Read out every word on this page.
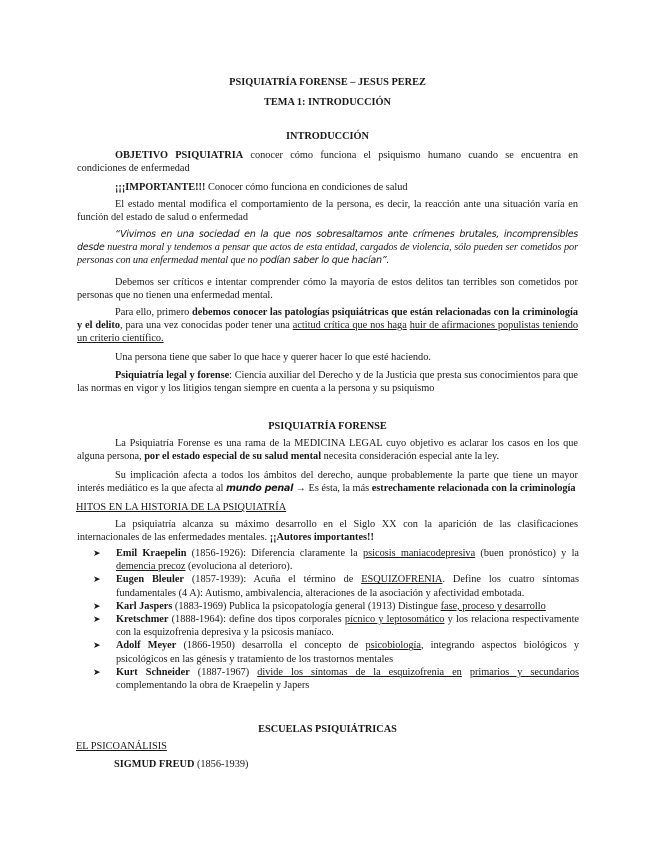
PSIQUIATRÍA FORENSE – JESUS PEREZ
TEMA 1: INTRODUCCIÓN
INTRODUCCIÓN
OBJETIVO PSIQUIATRIA conocer cómo funciona el psiquismo humano cuando se encuentra en condiciones de enfermedad
¡¡¡IMPORTANTE!!! Conocer cómo funciona en condiciones de salud
El estado mental modifica el comportamiento de la persona, es decir, la reacción ante una situación varía en función del estado de salud o enfermedad
“Vivimos en una sociedad en la que nos sobresaltamos ante crímenes brutales, incomprensibles desde nuestra moral y tendemos a pensar que actos de esta entidad, cargados de violencia, sólo pueden ser cometidos por personas con una enfermedad mental que no podían saber lo que hacían”.
Debemos ser críticos e intentar comprender cómo la mayoría de estos delitos tan terribles son cometidos por personas que no tienen una enfermedad mental.
Para ello, primero debemos conocer las patologías psiquiátricas que están relacionadas con la criminología y el delito, para una vez conocidas poder tener una actitud crítica que nos haga huir de afirmaciones populistas teniendo un criterio científico.
Una persona tiene que saber lo que hace y querer hacer lo que esté haciendo.
Psiquiatría legal y forense: Ciencia auxiliar del Derecho y de la Justicia que presta sus conocimientos para que las normas en vigor y los litigios tengan siempre en cuenta a la persona y su psiquismo
PSIQUIATRÍA FORENSE
La Psiquiatría Forense es una rama de la MEDICINA LEGAL cuyo objetivo es aclarar los casos en los que alguna persona, por el estado especial de su salud mental necesita consideración especial ante la ley.
Su implicación afecta a todos los ámbitos del derecho, aunque probablemente la parte que tiene un mayor interés mediático es la que afecta al mundo penal → Es ésta, la más estrechamente relacionada con la criminología
HITOS EN LA HISTORIA DE LA PSIQUIATRÍA
La psiquiatría alcanza su máximo desarrollo en el Siglo XX con la aparición de las clasificaciones internacionales de las enfermedades mentales. ¡¡Autores importantes!!
➤ Emil Kraepelin (1856-1926): Diferencia claramente la psicosis maniacodepresiva (buen pronóstico) y la demencia precoz (evoluciona al deterioro).
➤ Eugen Bleuler (1857-1939): Acuña el término de ESQUIZOFRENIA. Define los cuatro síntomas fundamentales (4 A): Autismo, ambivalencia, alteraciones de la asociación y afectividad embotada.
➤ Karl Jaspers (1883-1969) Publica la psicopatología general (1913) Distingue fase, proceso y desarrollo
➤ Kretschmer (1888-1964): define dos tipos corporales pícnico y leptosomático y los relaciona respectivamente con la esquizofrenia depresiva y la psicosis maníaco.
➤ Adolf Meyer (1866-1950) desarrolla el concepto de psicobiología, integrando aspectos biológicos y psicológicos en las génesis y tratamiento de los trastornos mentales
➤ Kurt Schneider (1887-1967) divide los síntomas de la esquizofrenia en primarios y secundarios complementando la obra de Kraepelin y Japers
ESCUELAS PSIQUIÁTRICAS
EL PSICOANÁLISIS
SIGMUD FREUD (1856-1939)
